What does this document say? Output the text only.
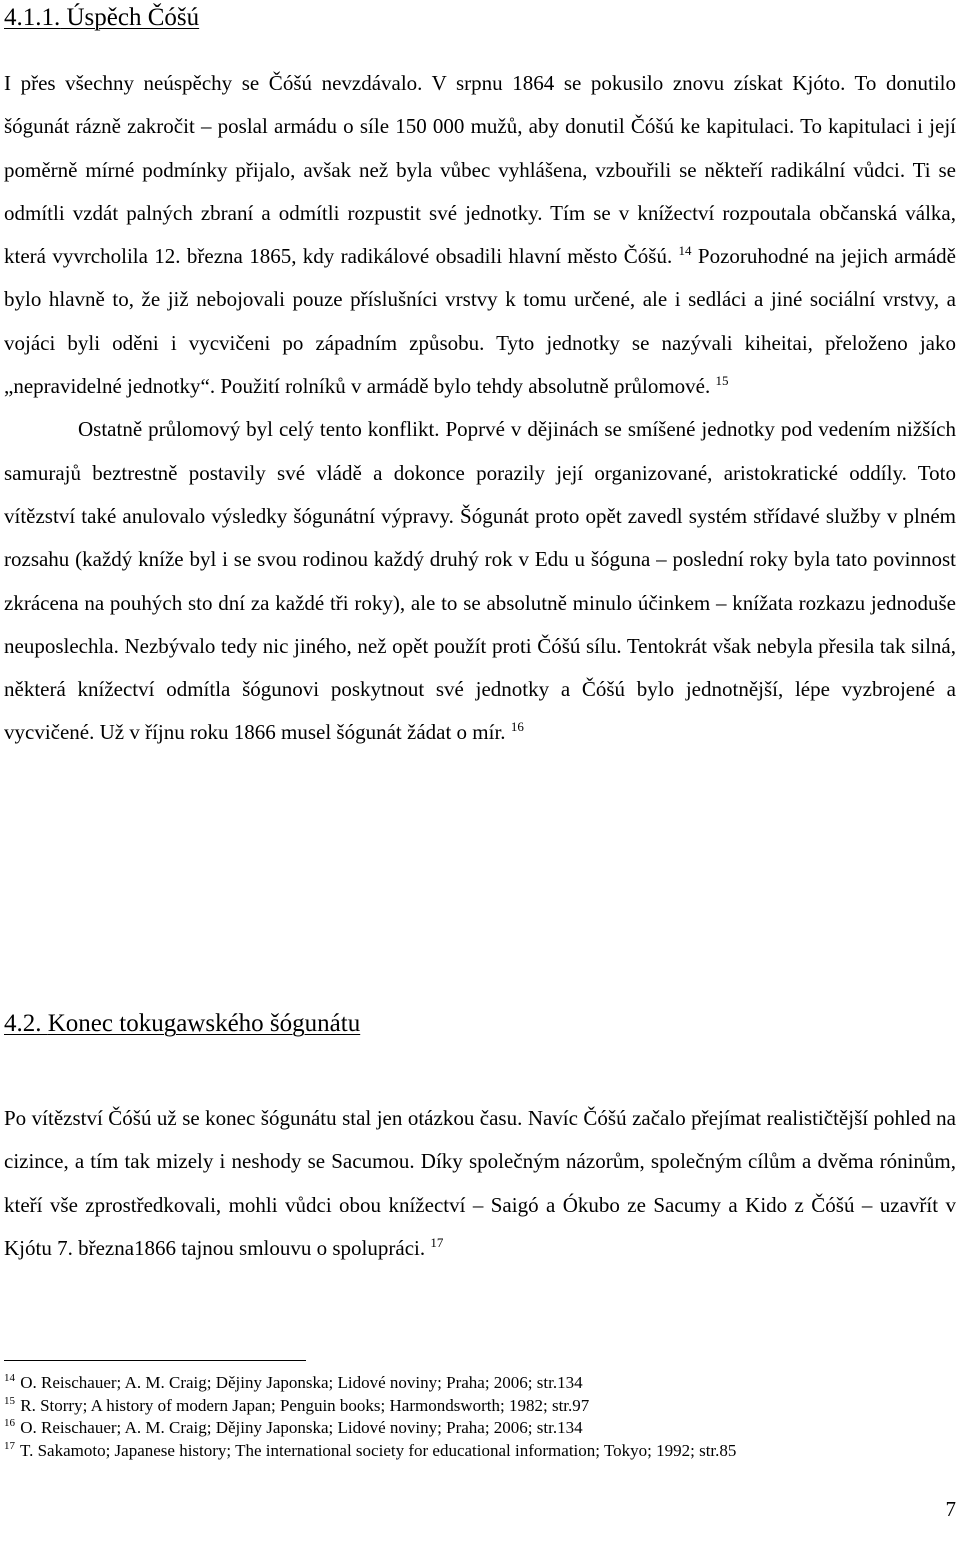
4.1.1. Úspěch Čóšú

I přes všechny neúspěchy se Čóšú nevzdávalo. V srpnu 1864 se pokusilo znovu získat Kjóto. To donutilo šógunát rázně zakročit – poslal armádu o síle 150 000 mužů, aby donutil Čóšú ke kapitulaci. To kapitulaci i její poměrně mírné podmínky přijalo, avšak než byla vůbec vyhlášena, vzbouřili se někteří radikální vůdci. Ti se odmítli vzdát palných zbraní a odmítli rozpustit své jednotky. Tím se v knížectví rozpoutala občanská válka, která vyvrcholila 12. března 1865, kdy radikálové obsadili hlavní město Čóšú. $^{14}$ Pozoruhodné na jejich armádě bylo hlavně to, že již nebojovali pouze příslušníci vrstvy k tomu určené, ale i sedláci a jiné sociální vrstvy, a vojáci byli oděni i vycvičeni po západním způsobu. Tyto jednotky se nazývali kiheitai, přeloženo jako „nepravidelné jednotky“. Použití rolníků v armádě bylo tehdy absolutně průlomové. $^{15}$
Ostatně průlomový byl celý tento konflikt. Poprvé v dějinách se smíšené jednotky pod vedením nižších samurajů beztrestně postavily své vládě a dokonce porazily její organizované, aristokratické oddíly. Toto vítězství také anulovalo výsledky šógunátní výpravy. Šógunát proto opět zavedl systém střídavé služby v plném rozsahu (každý kníže byl i se svou rodinou každý druhý rok v Edu u šóguna – poslední roky byla tato povinnost zkrácena na pouhých sto dní za každé tři roky), ale to se absolutně minulo účinkem – knížata rozkazu jednoduše neuposlechla. Nezbývalo tedy nic jiného, než opět použít proti Čóšú sílu. Tentokrát však nebyla přesila tak silná, některá knížectví odmítla šógunovi poskytnout své jednotky a Čóšú bylo jednotnější, lépe vyzbrojené a vycvičené. Už v říjnu roku 1866 musel šógunát žádat o mír. $^{16}$

4.2. Konec tokugawského šógunátu

Po vítězství Čóšú už se konec šógunátu stal jen otázkou času. Navíc Čóšú začalo přejímat realističtější pohled na cizince, a tím tak mizely i neshody se Sacumou. Díky společným názorům, společným cílům a dvěma róninům, kteří vše zprostředkovali, mohli vůdci obou knížectví – Saigó a Ókubo ze Sacumy a Kido z Čóšú – uzavřít v Kjótu 7. března1866 tajnou smlouvu o spolupráci. $^{17}$

$^{14}$ O. Reischauer; A. M. Craig; Dějiny Japonska; Lidové noviny; Praha; 2006; str.134
$^{15}$ R. Storry; A history of modern Japan; Penguin books; Harmondsworth; 1982; str.97
$^{16}$ O. Reischauer; A. M. Craig; Dějiny Japonska; Lidové noviny; Praha; 2006; str.134
$^{17}$ T. Sakamoto; Japanese history; The international society for educational information; Tokyo; 1992; str.85
7
